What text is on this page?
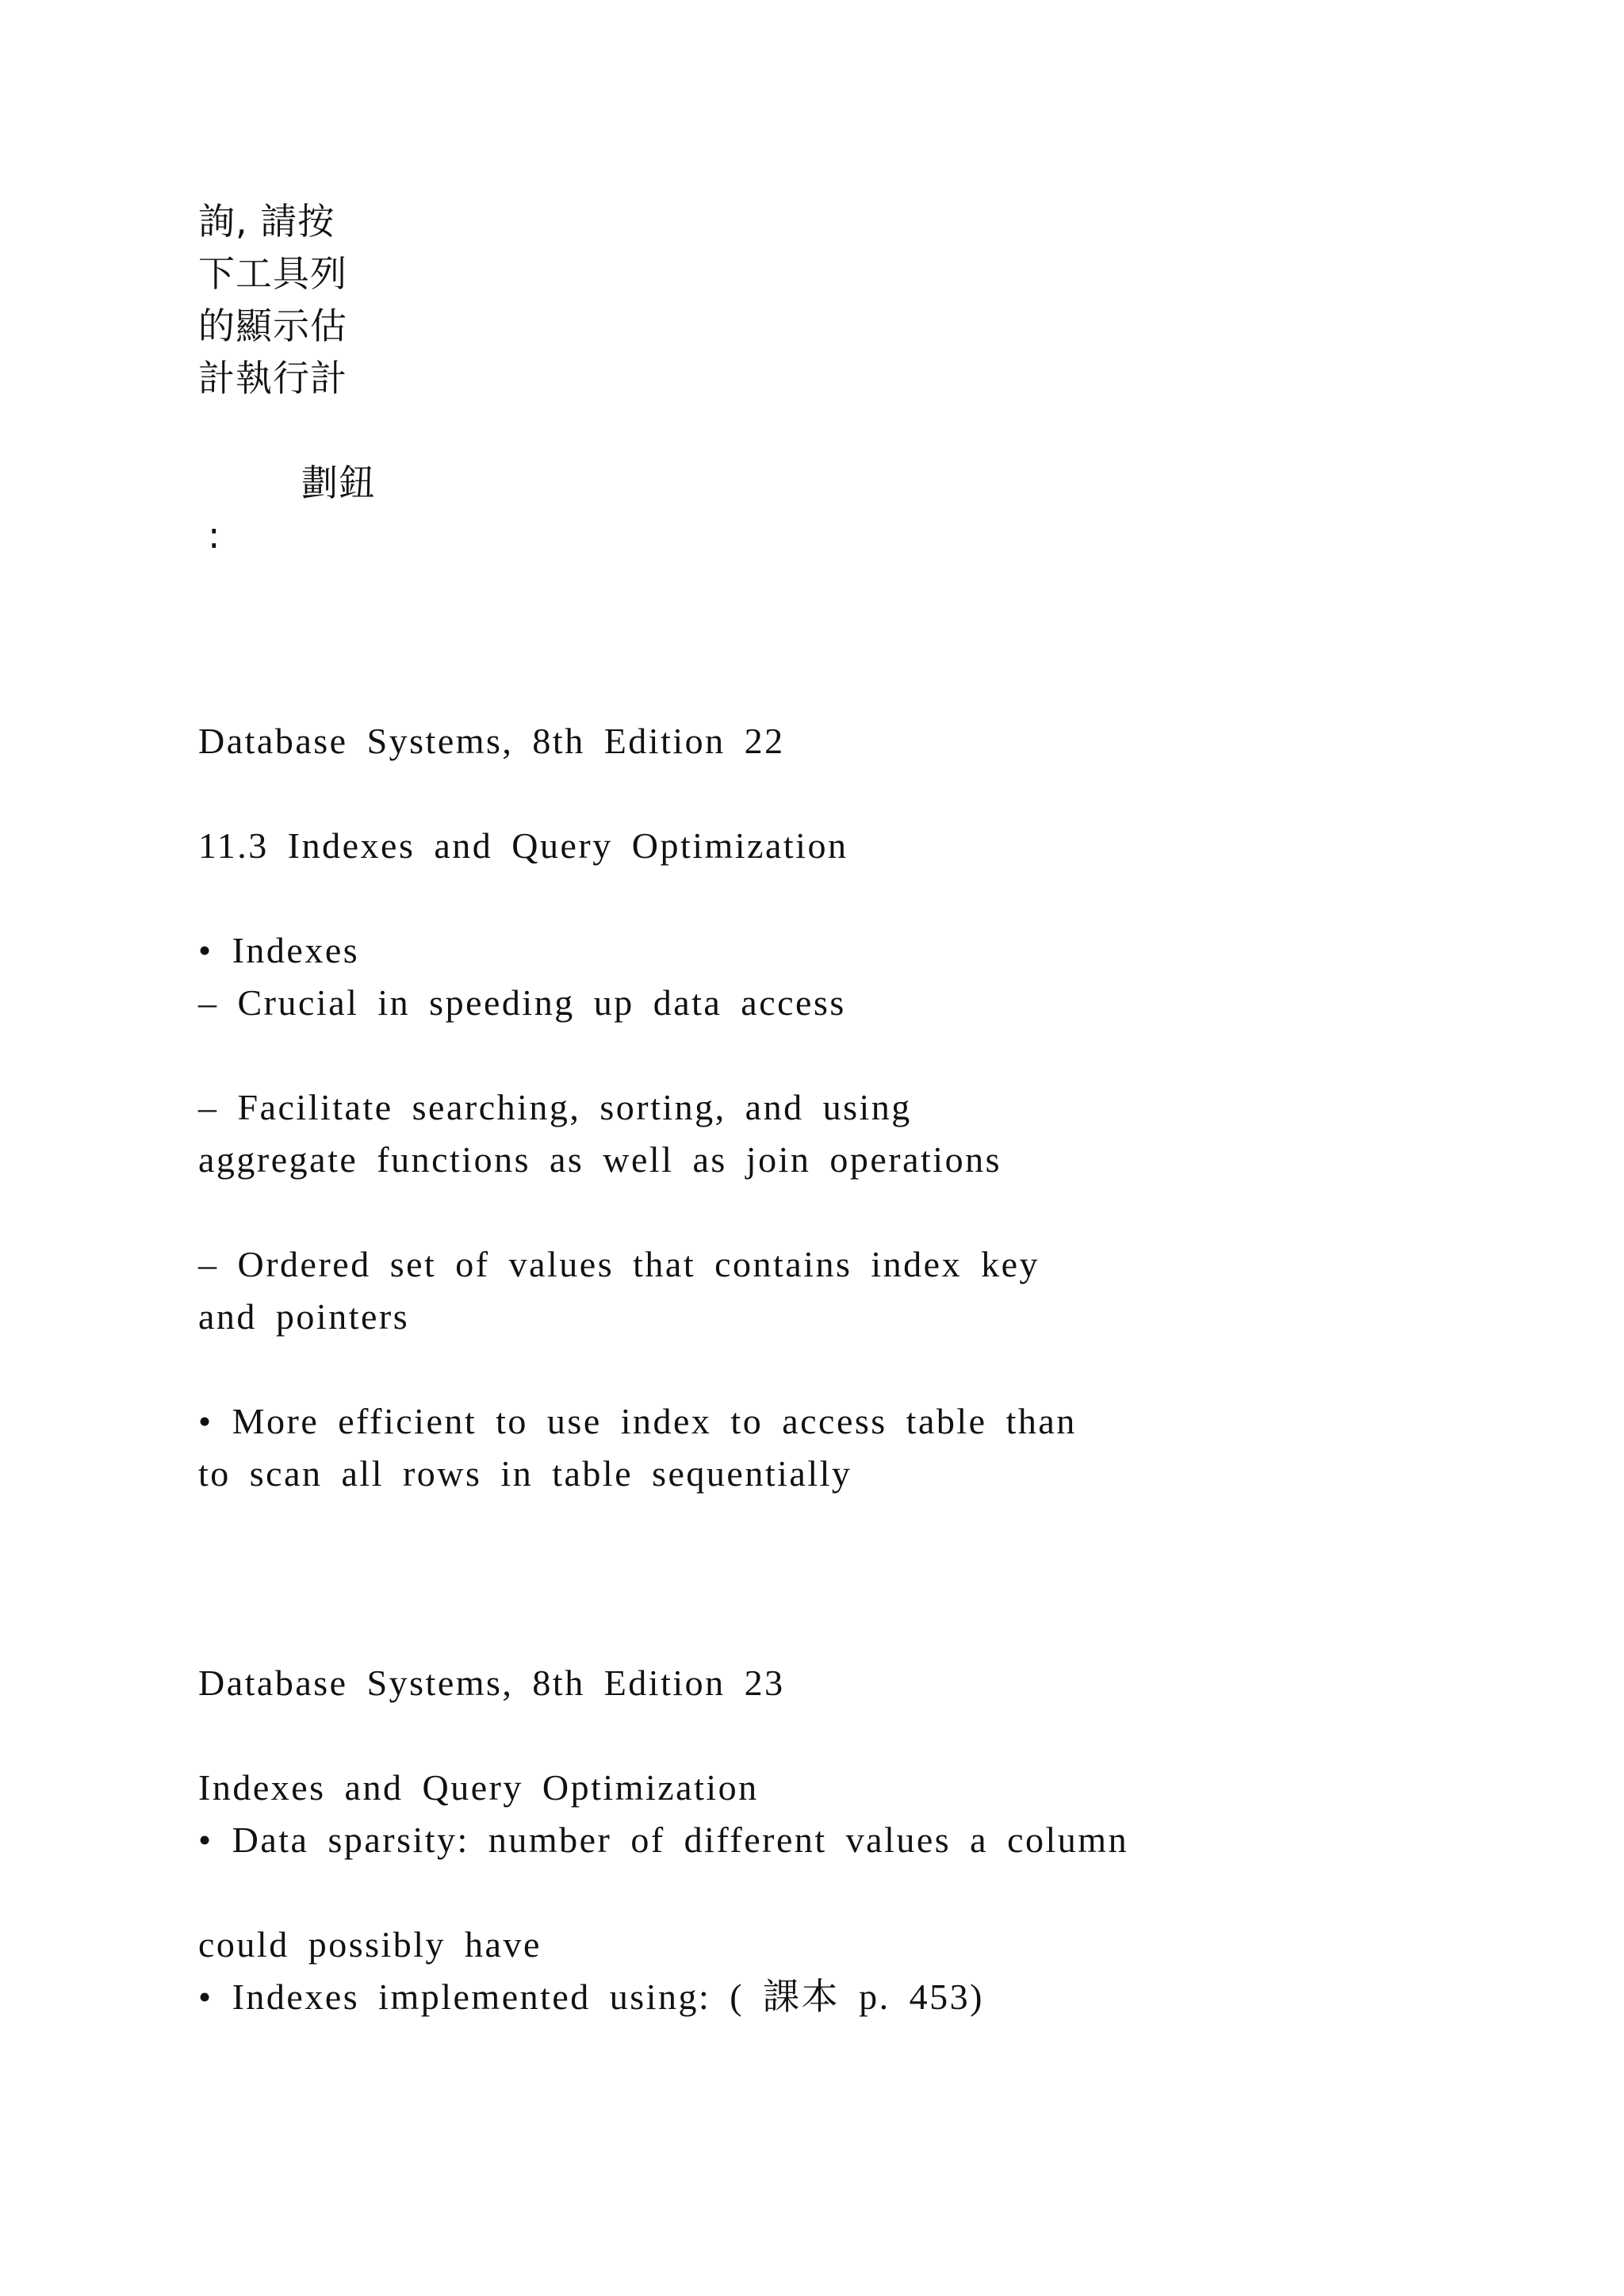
詢, 請按
下工具列
的顯示估
計執行計
劃鈕
:
Database Systems, 8th Edition 22
11.3 Indexes and Query Optimization
• Indexes
– Crucial in speeding up data access
– Facilitate searching, sorting, and using
aggregate functions as well as join operations
– Ordered set of values that contains index key
and pointers
• More efficient to use index to access table than
to scan all rows in table sequentially
Database Systems, 8th Edition 23
Indexes and Query Optimization
• Data sparsity: number of different values a column
could possibly have
• Indexes implemented using: ( 課本 p. 453)
